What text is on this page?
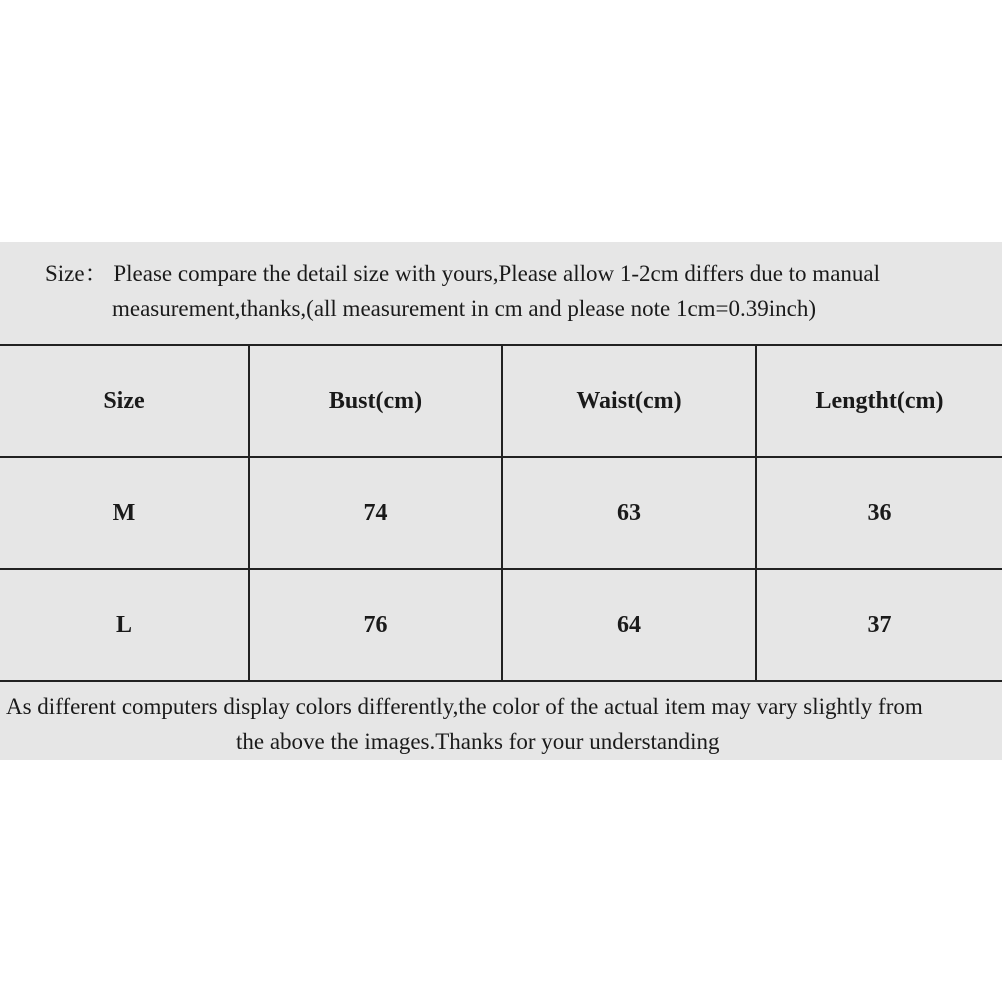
Size： Please compare the detail size with yours,Please allow 1-2cm differs due to manual
measurement,thanks,(all measurement in cm and please note 1cm=0.39inch)
Size	Bust(cm)	Waist(cm)	Lengtht(cm)
M	74	63	36
L	76	64	37
As different computers display colors differently,the color of the actual item may vary slightly from
the above the images.Thanks for your understanding
